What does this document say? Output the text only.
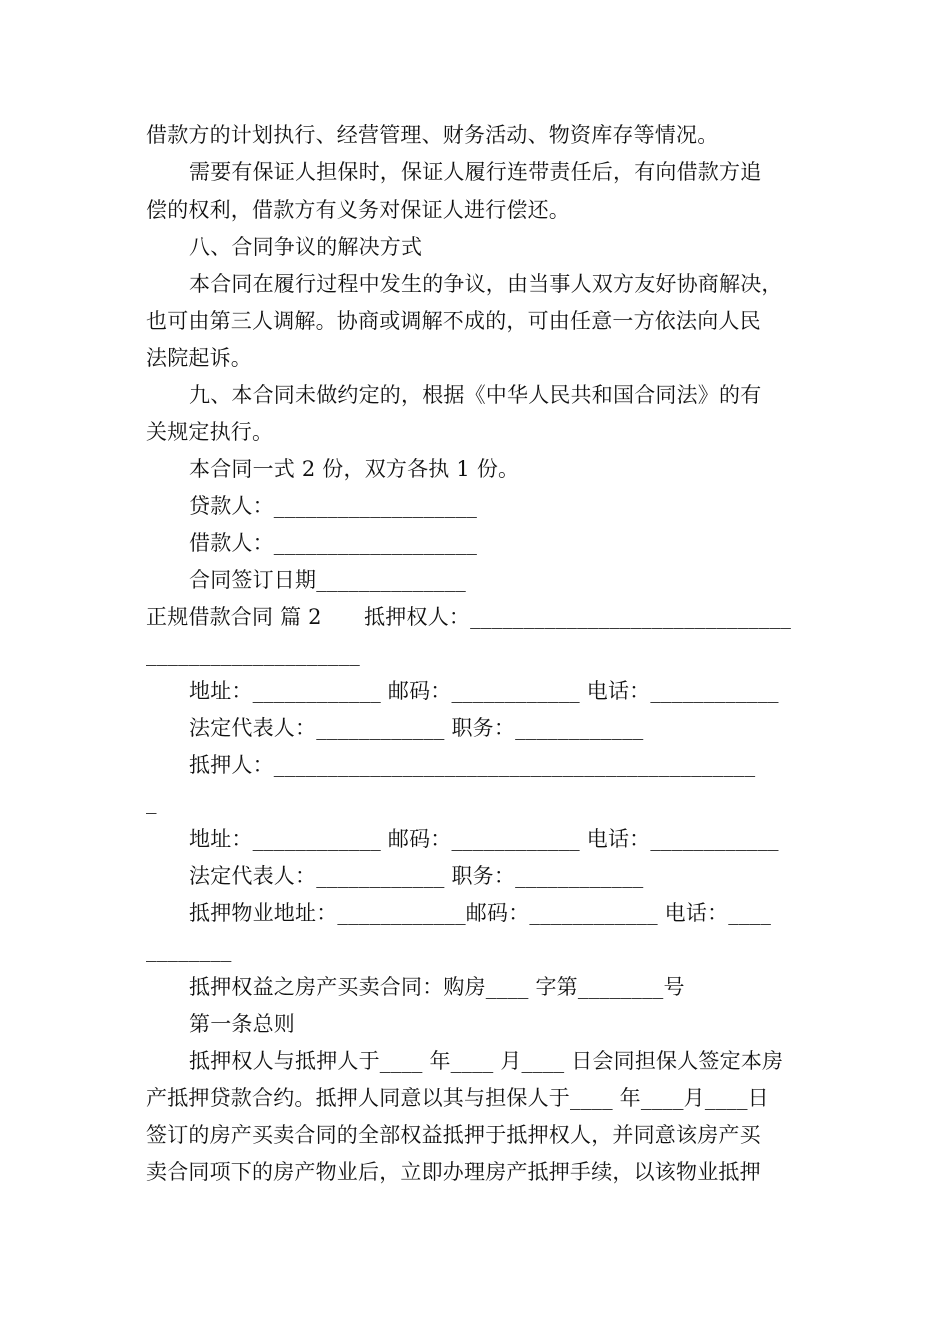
借款方的计划执行、经营管理、财务活动、物资库存等情况。

需要有保证人担保时，保证人履行连带责任后，有向借款方追

偿的权利，借款方有义务对保证人进行偿还。

八、合同争议的解决方式

本合同在履行过程中发生的争议，由当事人双方友好协商解决，

也可由第三人调解。协商或调解不成的，可由任意一方依法向人民

法院起诉。

九、本合同未做约定的，根据《中华人民共和国合同法》的有

关规定执行。

本合同一式 2 份，双方各执 1 份。

贷款人：___________________

借款人：___________________

合同签订日期______________

正规借款合同 篇 2　　抵押权人：______________________________

____________________

地址：____________ 邮码：____________ 电话：____________

法定代表人：____________ 职务：____________

抵押人：_____________________________________________

_

地址：____________ 邮码：____________ 电话：____________

法定代表人：____________ 职务：____________

抵押物业地址：____________邮码：____________ 电话：____

________

抵押权益之房产买卖合同：购房____ 字第________号

第一条总则

抵押权人与抵押人于____ 年____ 月____ 日会同担保人签定本房

产抵押贷款合约。抵押人同意以其与担保人于____ 年____月____日

签订的房产买卖合同的全部权益抵押于抵押权人，并同意该房产买

卖合同项下的房产物业后，立即办理房产抵押手续，以该物业抵押
